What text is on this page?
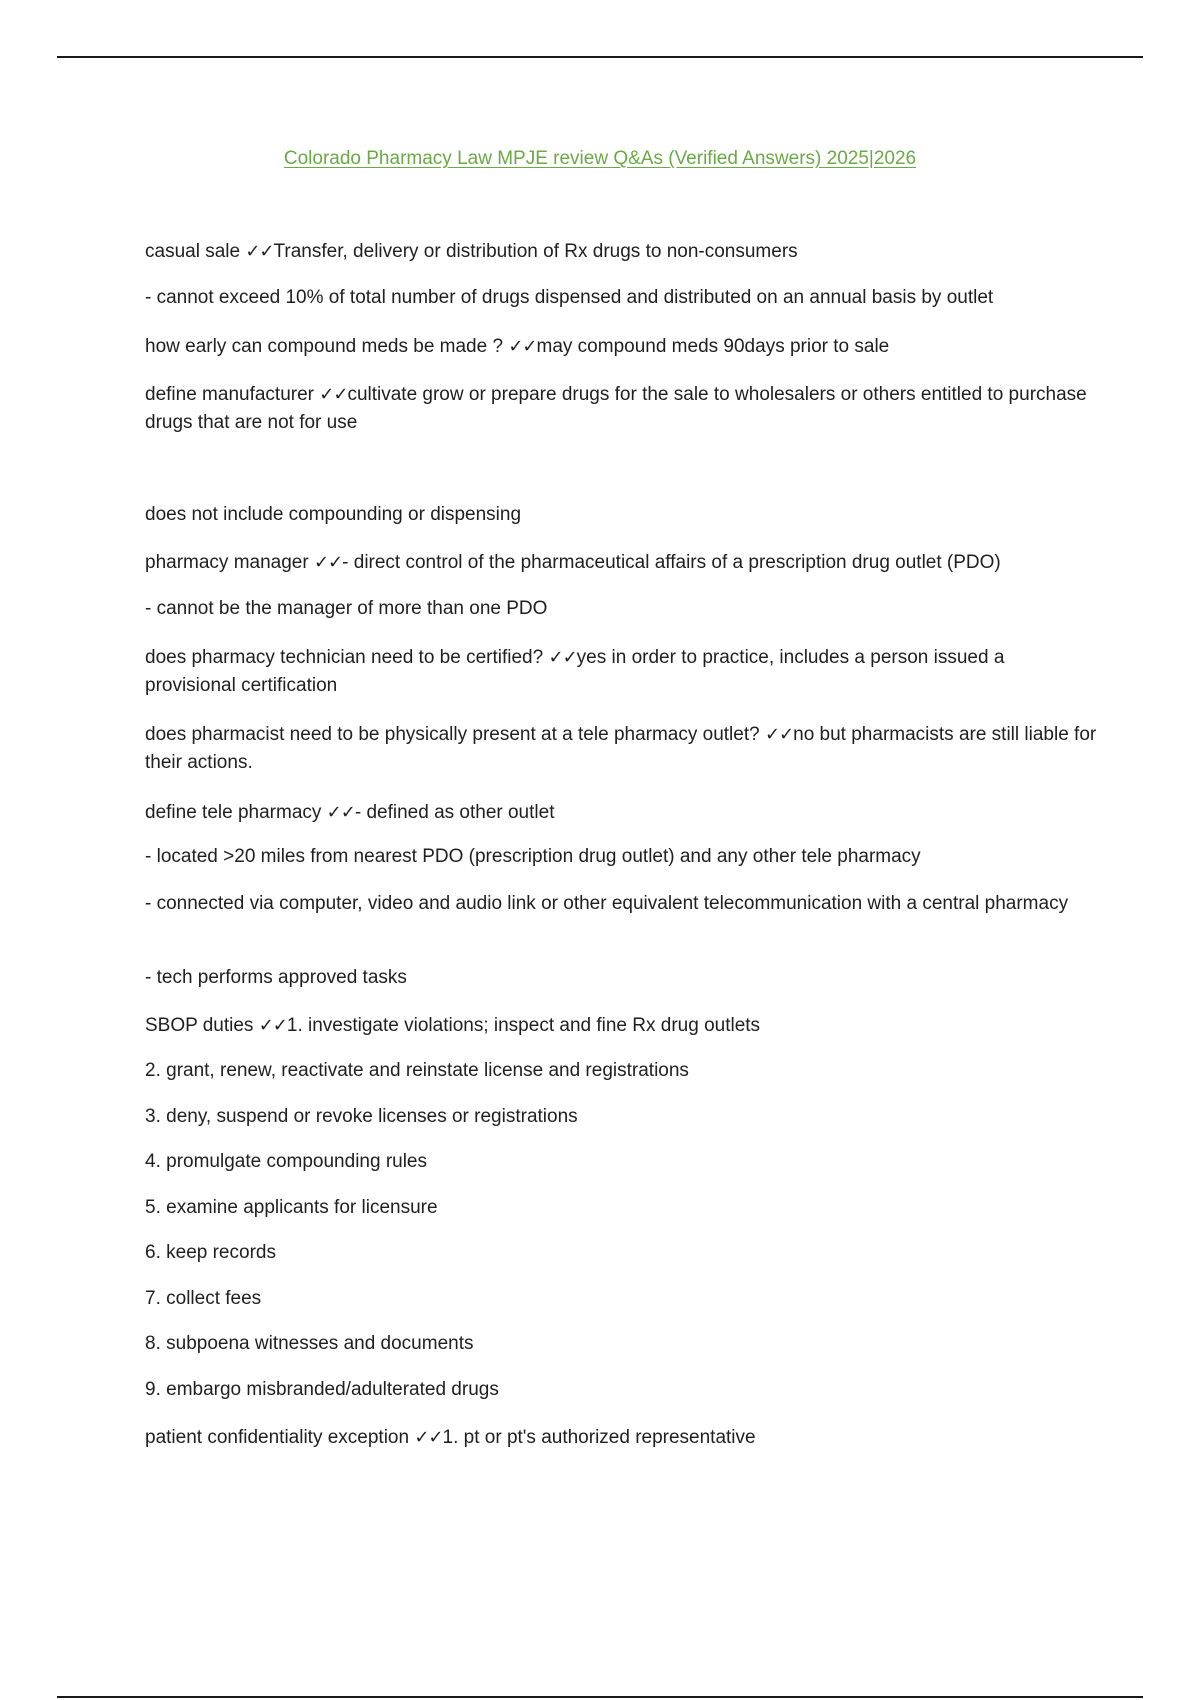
Colorado Pharmacy Law MPJE review Q&As (Verified Answers) 2025|2026

casual sale ✓✓Transfer, delivery or distribution of Rx drugs to non-consumers

- cannot exceed 10% of total number of drugs dispensed and distributed on an annual basis by outlet

how early can compound meds be made ? ✓✓may compound meds 90days prior to sale

define manufacturer ✓✓cultivate grow or prepare drugs for the sale to wholesalers or others entitled to purchase drugs that are not for use

does not include compounding or dispensing

pharmacy manager ✓✓- direct control of the pharmaceutical affairs of a prescription drug outlet (PDO)

- cannot be the manager of more than one PDO

does pharmacy technician need to be certified? ✓✓yes in order to practice, includes a person issued a provisional certification

does pharmacist need to be physically present at a tele pharmacy outlet? ✓✓no but pharmacists are still liable for their actions.

define tele pharmacy ✓✓- defined as other outlet

- located >20 miles from nearest PDO (prescription drug outlet) and any other tele pharmacy

- connected via computer, video and audio link or other equivalent telecommunication with a central pharmacy

- tech performs approved tasks

SBOP duties ✓✓1. investigate violations; inspect and fine Rx drug outlets

2. grant, renew, reactivate and reinstate license and registrations

3. deny, suspend or revoke licenses or registrations

4. promulgate compounding rules

5. examine applicants for licensure

6. keep records

7. collect fees

8. subpoena witnesses and documents

9. embargo misbranded/adulterated drugs

patient confidentiality exception ✓✓1. pt or pt's authorized representative
